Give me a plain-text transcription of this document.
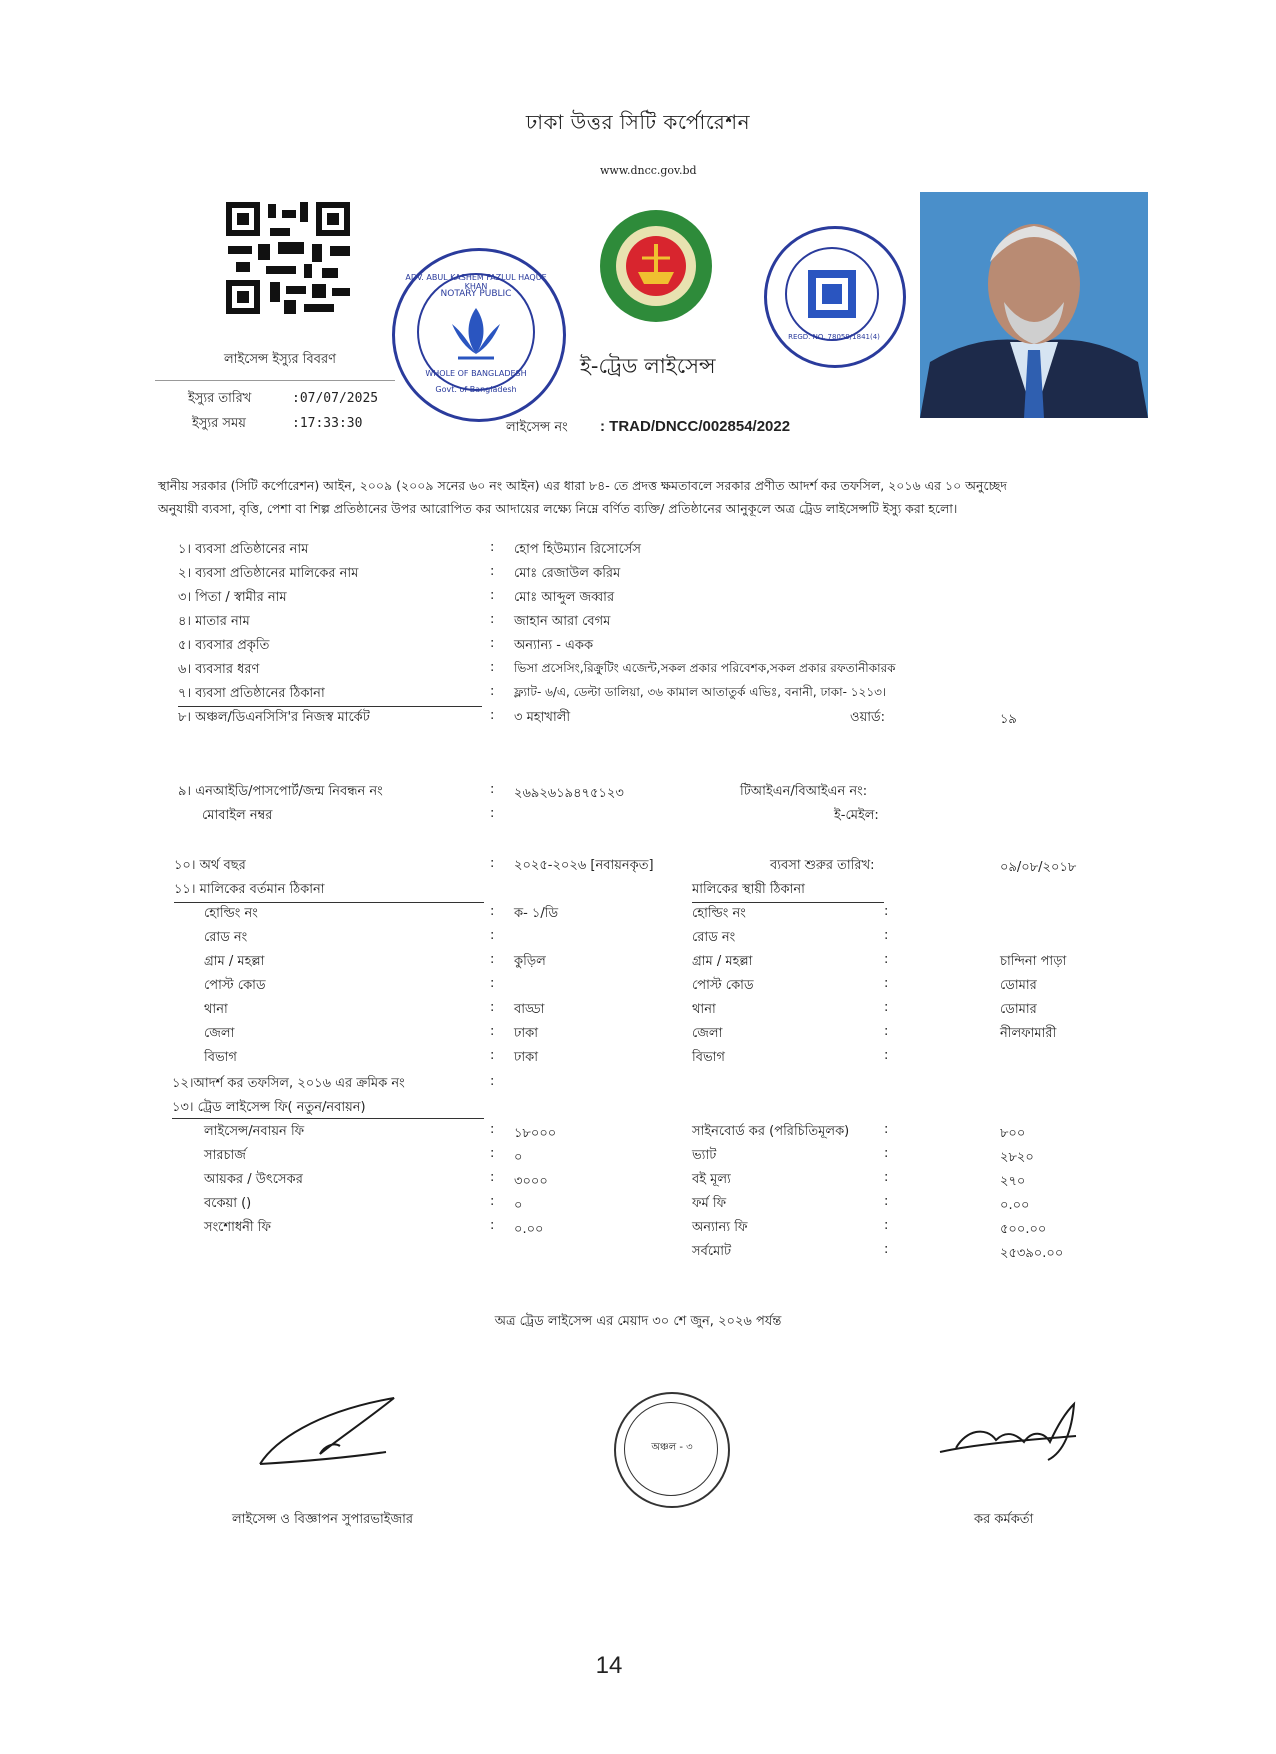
ঢাকা উত্তর সিটি কর্পোরেশন
www.dncc.gov.bd
লাইসেন্স ইস্যুর বিবরণ
ইস্যুর তারিখ	:07/07/2025
ইস্যুর সময়	:17:33:30
ADV. ABUL KASHEM FAZLUL HAQUE KHAN
NOTARY PUBLIC
WHOLE OF BANGLADESH
Govt. of Bangladesh
ই-ট্রেড লাইসেন্স
REGD. NO. 78059/1841(4)
লাইসেন্স নং : TRAD/DNCC/002854/2022
স্থানীয় সরকার (সিটি কর্পোরেশন) আইন, ২০০৯ (২০০৯ সনের ৬০ নং আইন) এর ধারা ৮৪- তে প্রদত্ত ক্ষমতাবলে সরকার প্রণীত আদর্শ কর তফসিল, ২০১৬ এর ১০ অনুচ্ছেদ
অনুযায়ী ব্যবসা, বৃত্তি, পেশা বা শিল্প প্রতিষ্ঠানের উপর আরোপিত কর আদায়ের লক্ষ্যে নিম্নে বর্ণিত ব্যক্তি/ প্রতিষ্ঠানের আনুকূলে অত্র ট্রেড লাইসেন্সটি ইস্যু করা হলো।
১। ব্যবসা প্রতিষ্ঠানের নাম	: হোপ হিউম্যান রিসোর্সেস
২। ব্যবসা প্রতিষ্ঠানের মালিকের নাম	: মোঃ রেজাউল করিম
৩। পিতা / স্বামীর নাম	: মোঃ আব্দুল জব্বার
৪। মাতার নাম	: জাহান আরা বেগম
৫। ব্যবসার প্রকৃতি	: অন্যান্য - একক
৬। ব্যবসার ধরণ	: ভিসা প্রসেসিং,রিক্রুটিং এজেন্ট,সকল প্রকার পরিবেশক,সকল প্রকার রফতানীকারক
৭। ব্যবসা প্রতিষ্ঠানের ঠিকানা	: ফ্ল্যাট- ৬/এ, ডেল্টা ডালিয়া, ৩৬ কামাল আতাতুর্ক এভিঃ, বনানী, ঢাকা- ১২১৩।
৮। অঞ্চল/ডিএনসিসি'র নিজস্ব মার্কেট	: ৩ মহাখালী	ওয়ার্ড:	১৯
৯। এনআইডি/পাসপোর্ট/জন্ম নিবন্ধন নং	: ২৬৯২৬১৯৪৭৫১২৩	টিআইএন/বিআইএন নং:
মোবাইল নম্বর	:	ই-মেইল:
১০। অর্থ বছর	: ২০২৫-২০২৬ [নবায়নকৃত]	ব্যবসা শুরুর তারিখ:	০৯/০৮/২০১৮
১১। মালিকের বর্তমান ঠিকানা	মালিকের স্থায়ী ঠিকানা
হোল্ডিং নং	: ক- ১/ডি	হোল্ডিং নং	:
রোড নং	:	রোড নং	:
গ্রাম / মহল্লা	: কুড়িল	গ্রাম / মহল্লা	:	চান্দিনা পাড়া
পোস্ট কোড	:	পোস্ট কোড	:	ডোমার
থানা	: বাড্ডা	থানা	:	ডোমার
জেলা	: ঢাকা	জেলা	:	নীলফামারী
বিভাগ	: ঢাকা	বিভাগ	:
১২।আদর্শ কর তফসিল, ২০১৬ এর ক্রমিক নং	:
১৩। ট্রেড লাইসেন্স ফি( নতুন/নবায়ন)
লাইসেন্স/নবায়ন ফি	: ১৮০০০	সাইনবোর্ড কর (পরিচিতিমূলক)	:	৮০০
সারচার্জ	: ০	ভ্যাট	:	২৮২০
আয়কর / উৎসেকর	: ৩০০০	বই মূল্য	:	২৭০
বকেয়া ()	: ০	ফর্ম ফি	:	০.০০
সংশোধনী ফি	: ০.০০	অন্যান্য ফি	:	৫০০.০০
সর্বমোট	:	২৫৩৯০.০০
অত্র ট্রেড লাইসেন্স এর মেয়াদ ৩০ শে জুন, ২০২৬ পর্যন্ত
অঞ্চল - ৩
লাইসেন্স ও বিজ্ঞাপন সুপারভাইজার	কর কর্মকর্তা
14
